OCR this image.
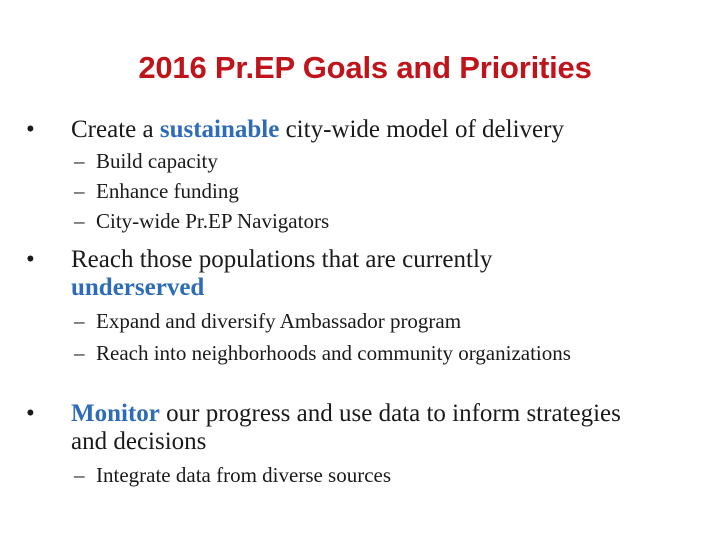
2016 Pr.EP Goals and Priorities
• Create a sustainable city-wide model of delivery
– Build capacity
– Enhance funding
– City-wide Pr.EP Navigators
• Reach those populations that are currently underserved
– Expand and diversify Ambassador program
– Reach into neighborhoods and community organizations
• Monitor our progress and use data to inform strategies and decisions
– Integrate data from diverse sources
